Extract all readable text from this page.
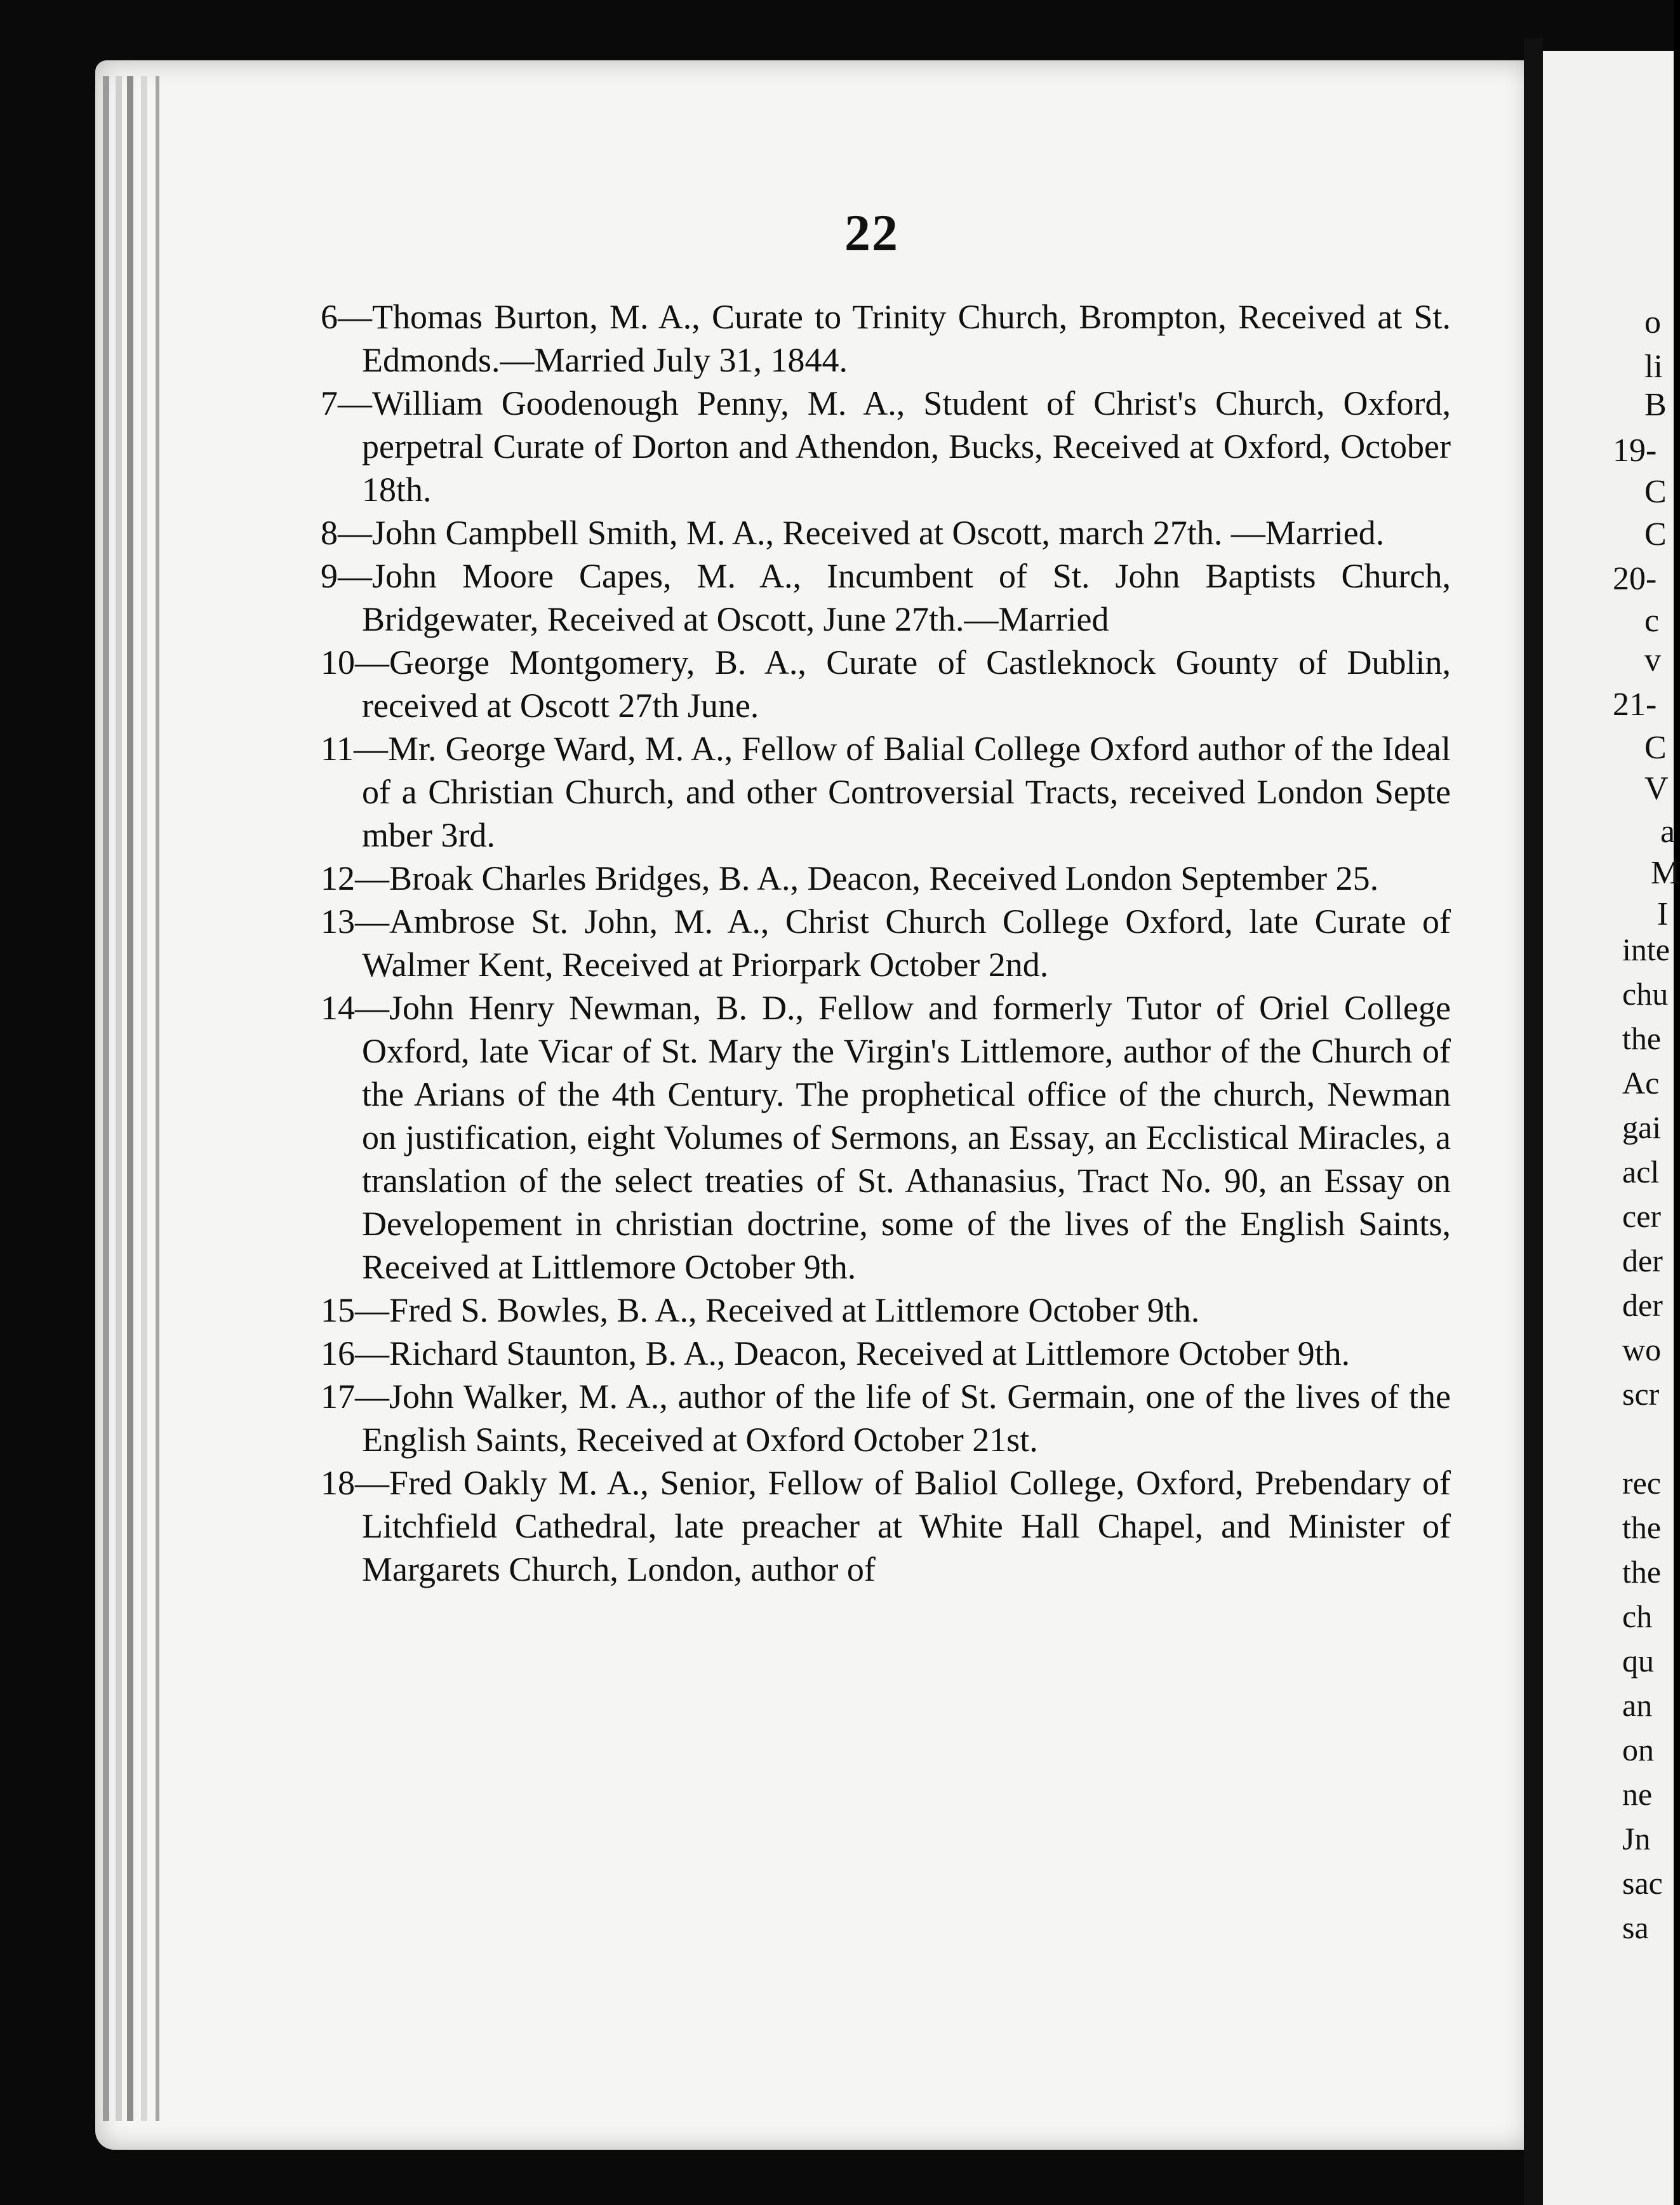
22

6—Thomas Burton, M. A., Curate to Trinity Church, Brompton, Received at St. Edmonds.—Married July 31, 1844.

7—William Goodenough Penny, M. A., Student of Christ's Church, Oxford, perpetral Curate of Dorton and Athendon, Bucks, Received at Oxford, October 18th.

8—John Campbell Smith, M. A., Received at Oscott, march 27th. —Married.

9—John Moore Capes, M. A., Incumbent of St. John Baptists Church, Bridgewater, Received at Oscott, June 27th.—Married

10—George Montgomery, B. A., Curate of Castleknock Gounty of Dublin, received at Oscott 27th June.

11—Mr. George Ward, M. A., Fellow of Balial College Oxford author of the Ideal of a Christian Church, and other Controversial Tracts, received London Septe mber 3rd.

12—Broak Charles Bridges, B. A., Deacon, Received London September 25.

13—Ambrose St. John, M. A., Christ Church College Oxford, late Curate of Walmer Kent, Received at Priorpark October 2nd.

14—John Henry Newman, B. D., Fellow and formerly Tutor of Oriel College Oxford, late Vicar of St. Mary the Virgin's Littlemore, author of the Church of the Arians of the 4th Century. The prophetical office of the church, Newman on justification, eight Volumes of Sermons, an Essay, an Ecclistical Miracles, a translation of the select treaties of St. Athanasius, Tract No. 90, an Essay on Developement in christian doctrine, some of the lives of the English Saints, Received at Littlemore October 9th.

15—Fred S. Bowles, B. A., Received at Littlemore October 9th.

16—Richard Staunton, B. A., Deacon, Received at Littlemore October 9th.

17—John Walker, M. A., author of the life of St. Germain, one of the lives of the English Saints, Received at Oxford October 21st.

18—Fred Oakly M. A., Senior, Fellow of Baliol College, Oxford, Prebendary of Litchfield Cathedral, late preacher at White Hall Chapel, and Minister of Margarets Church, London, author of

o
li
B
19-
C
C
20-
c
v
21-
C
V
a
M
I
inte
chu
the
Ac
gai
acl
cer
der
der
wo
scr

rec
the
the
ch
qu
an
on
ne
Jn
sac
sa
